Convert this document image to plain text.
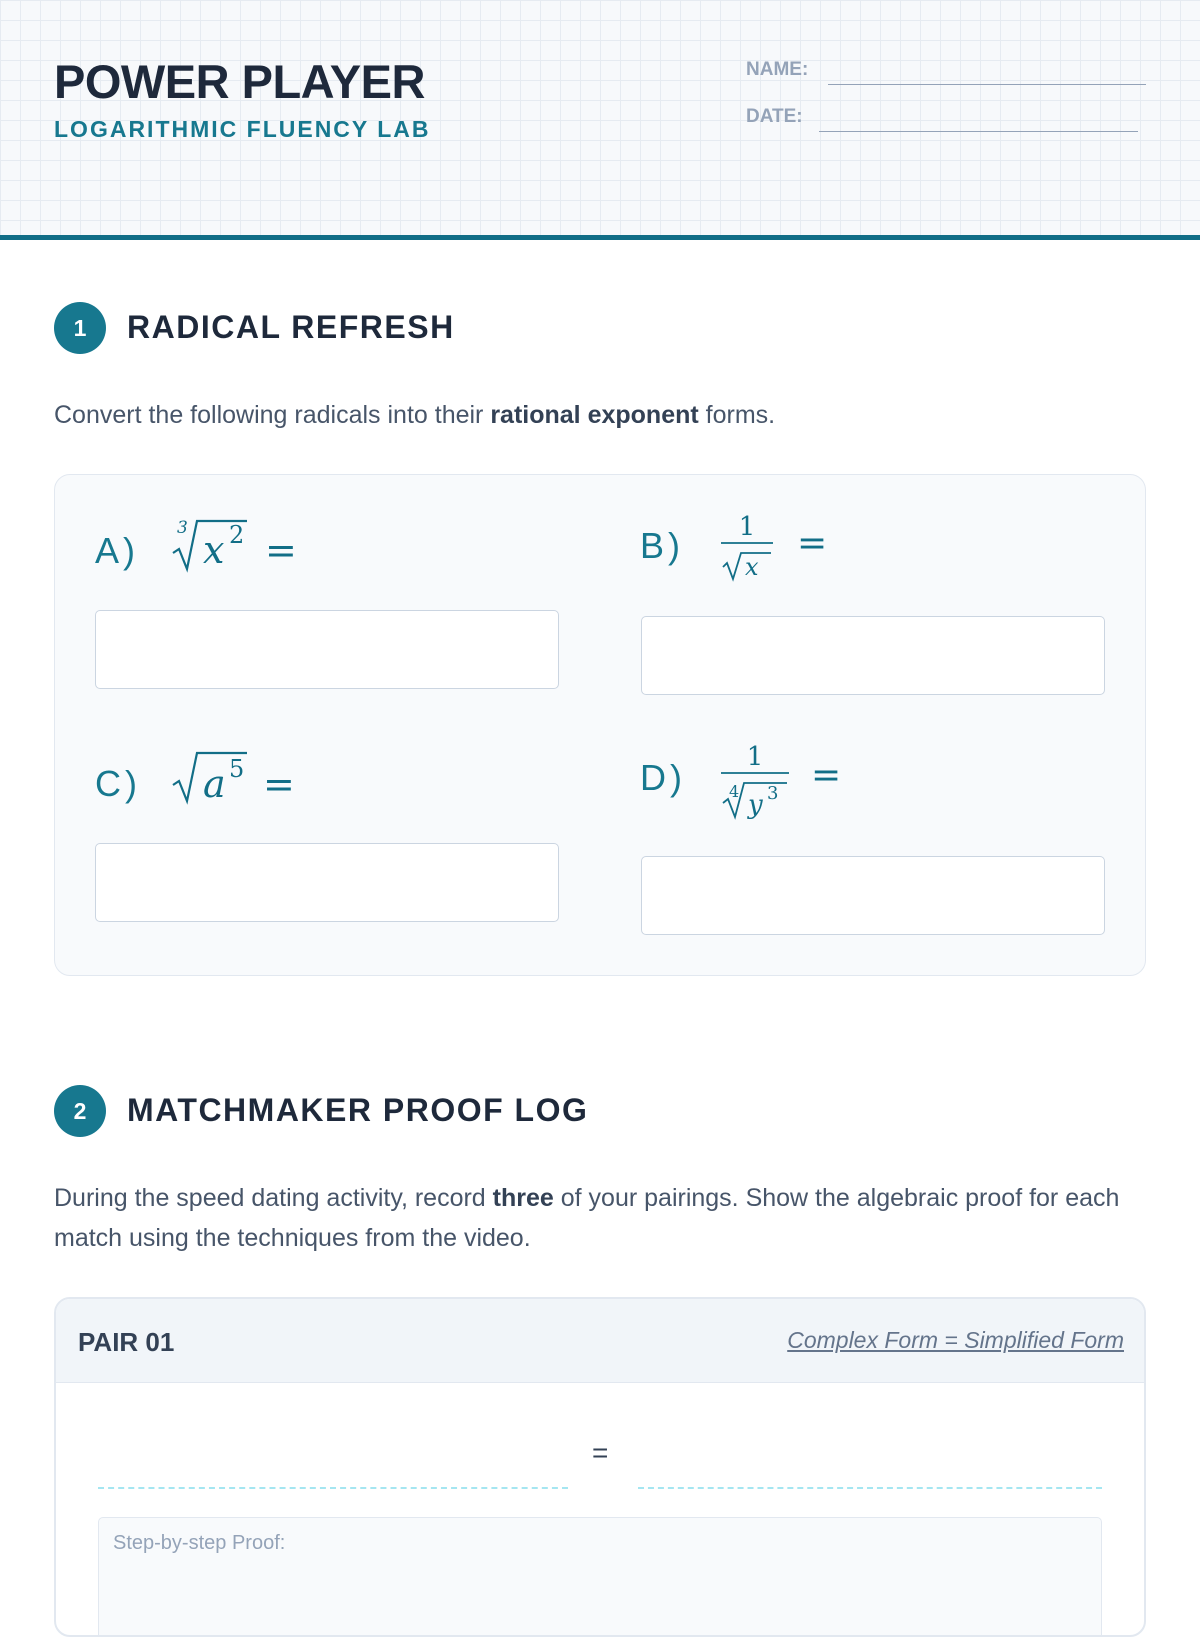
POWER PLAYER
LOGARITHMIC FLUENCY LAB
NAME:
DATE:
1	RADICAL REFRESH

Convert the following radicals into their rational exponent forms.

A)
3 x 2 =	B) 1
x
=
C) a 5 =	D) 1
4 y 3 =
2	MATCHMAKER PROOF LOG

During the speed dating activity, record three of your pairings. Show the algebraic proof for each match using the techniques from the video.

PAIR 01	Complex Form = Simplified Form
=
Step-by-step Proof:
